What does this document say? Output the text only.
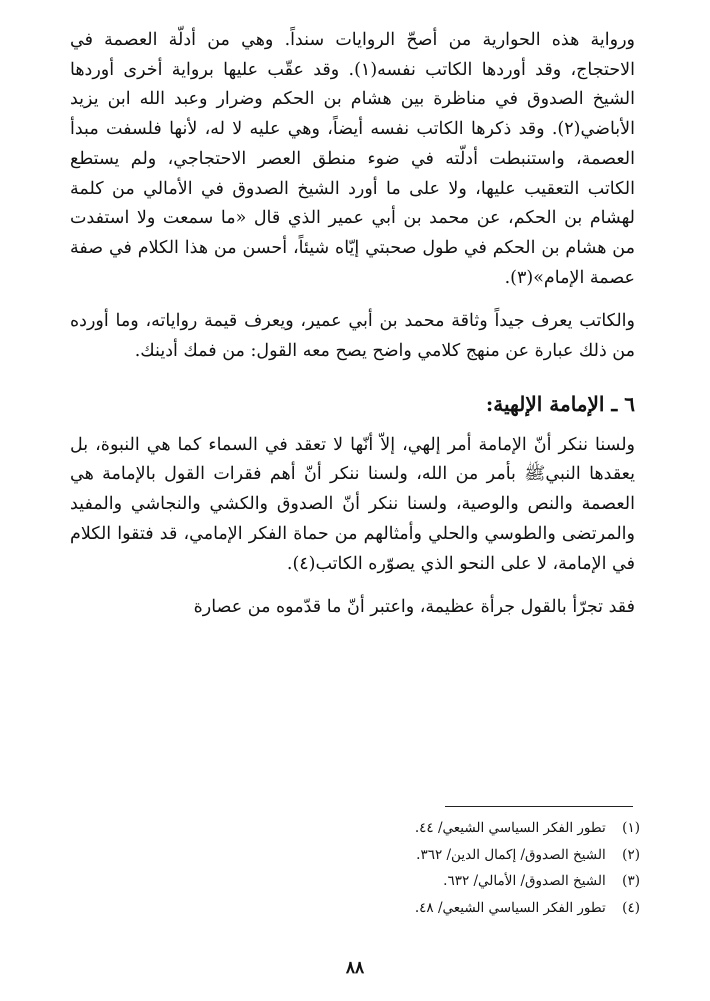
ورواية هذه الحوارية من أصحّ الروايات سنداً. وهي من أدلّة العصمة في الاحتجاج، وقد أوردها الكاتب نفسه(١). وقد عقّب عليها برواية أخرى أوردها الشيخ الصدوق في مناظرة بين هشام بن الحكم وضرار وعبد الله ابن يزيد الأباضي(٢). وقد ذكرها الكاتب نفسه أيضاً، وهي عليه لا له، لأنها فلسفت مبدأ العصمة، واستنبطت أدلّته في ضوء منطق العصر الاحتجاجي، ولم يستطع الكاتب التعقيب عليها، ولا على ما أورد الشيخ الصدوق في الأمالي من كلمة لهشام بن الحكم، عن محمد بن أبي عمير الذي قال «ما سمعت ولا استفدت من هشام بن الحكم في طول صحبتي إيّاه شيئاً، أحسن من هذا الكلام في صفة عصمة الإمام»(٣).

والكاتب يعرف جيداً وثاقة محمد بن أبي عمير، ويعرف قيمة رواياته، وما أورده من ذلك عبارة عن منهج كلامي واضح يصح معه القول: من فمك أدينك.

٦ ـ الإمامة الإلهية:

ولسنا ننكر أنّ الإمامة أمر إلهي، إلاّ أنّها لا تعقد في السماء كما هي النبوة، بل يعقدها النبيﷺ بأمر من الله، ولسنا ننكر أنّ أهم فقرات القول بالإمامة هي العصمة والنص والوصية، ولسنا ننكر أنّ الصدوق والكشي والنجاشي والمفيد والمرتضى والطوسي والحلي وأمثالهم من حماة الفكر الإمامي، قد فتقوا الكلام في الإمامة، لا على النحو الذي يصوّره الكاتب(٤).

فقد تجرّأ بالقول جرأة عظيمة، واعتبر أنّ ما قدّموه من عصارة

(١) تطور الفكر السياسي الشيعي/ ٤٤.
(٢) الشيخ الصدوق/ إكمال الدين/ ٣٦٢.
(٣) الشيخ الصدوق/ الأمالي/ ٦٣٢.
(٤) تطور الفكر السياسي الشيعي/ ٤٨.
٨٨
